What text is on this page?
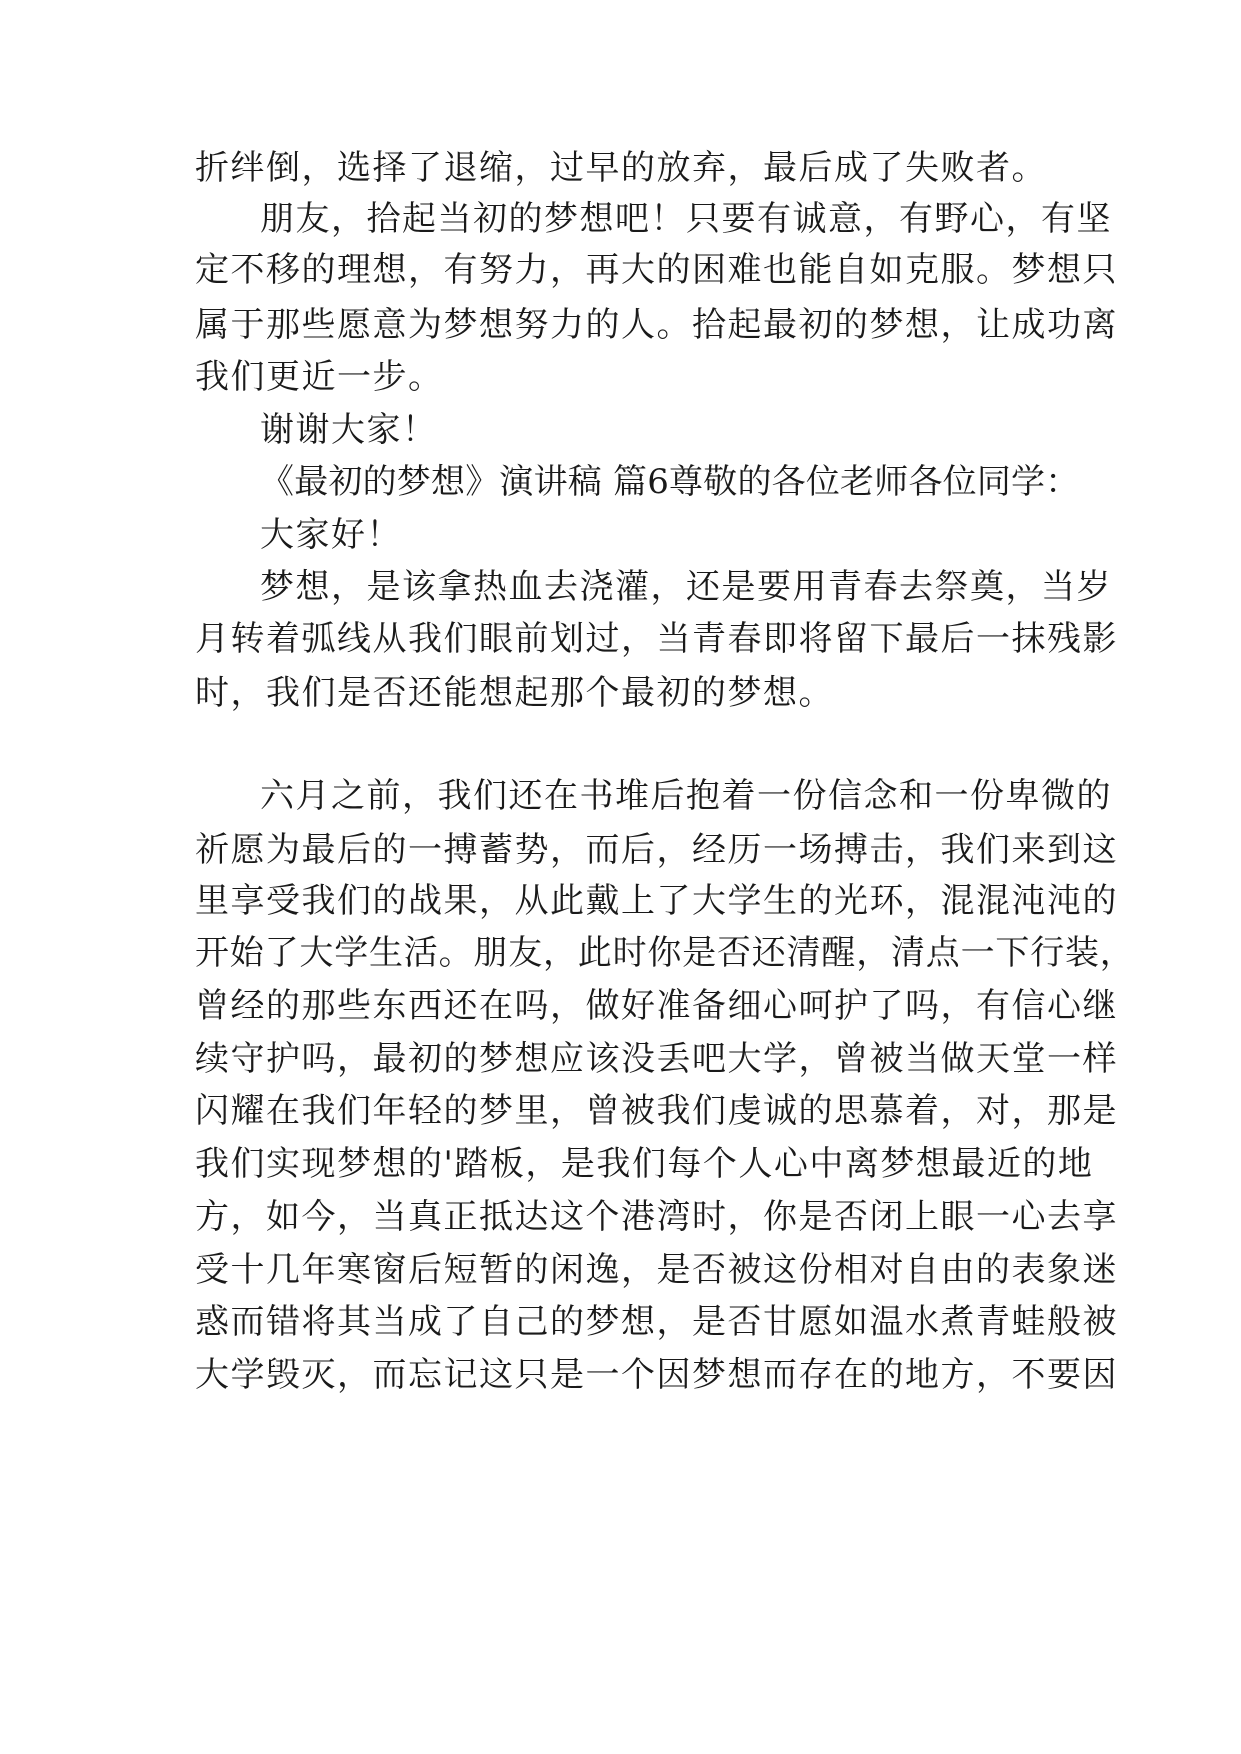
折绊倒，选择了退缩，过早的放弃，最后成了失败者。
朋友，拾起当初的梦想吧！只要有诚意，有野心，有坚
定不移的理想，有努力，再大的困难也能自如克服。梦想只
属于那些愿意为梦想努力的人。拾起最初的梦想，让成功离
我们更近一步。
谢谢大家！
《最初的梦想》演讲稿 篇6尊敬的各位老师各位同学：
大家好！
梦想，是该拿热血去浇灌，还是要用青春去祭奠，当岁
月转着弧线从我们眼前划过，当青春即将留下最后一抹残影
时，我们是否还能想起那个最初的梦想。
六月之前，我们还在书堆后抱着一份信念和一份卑微的
祈愿为最后的一搏蓄势，而后，经历一场搏击，我们来到这
里享受我们的战果，从此戴上了大学生的光环，混混沌沌的
开始了大学生活。朋友，此时你是否还清醒，清点一下行装，
曾经的那些东西还在吗，做好准备细心呵护了吗，有信心继
续守护吗，最初的梦想应该没丢吧大学，曾被当做天堂一样
闪耀在我们年轻的梦里，曾被我们虔诚的思慕着，对，那是
我们实现梦想的'踏板，是我们每个人心中离梦想最近的地
方，如今，当真正抵达这个港湾时，你是否闭上眼一心去享
受十几年寒窗后短暂的闲逸，是否被这份相对自由的表象迷
惑而错将其当成了自己的梦想，是否甘愿如温水煮青蛙般被
大学毁灭，而忘记这只是一个因梦想而存在的地方，不要因
